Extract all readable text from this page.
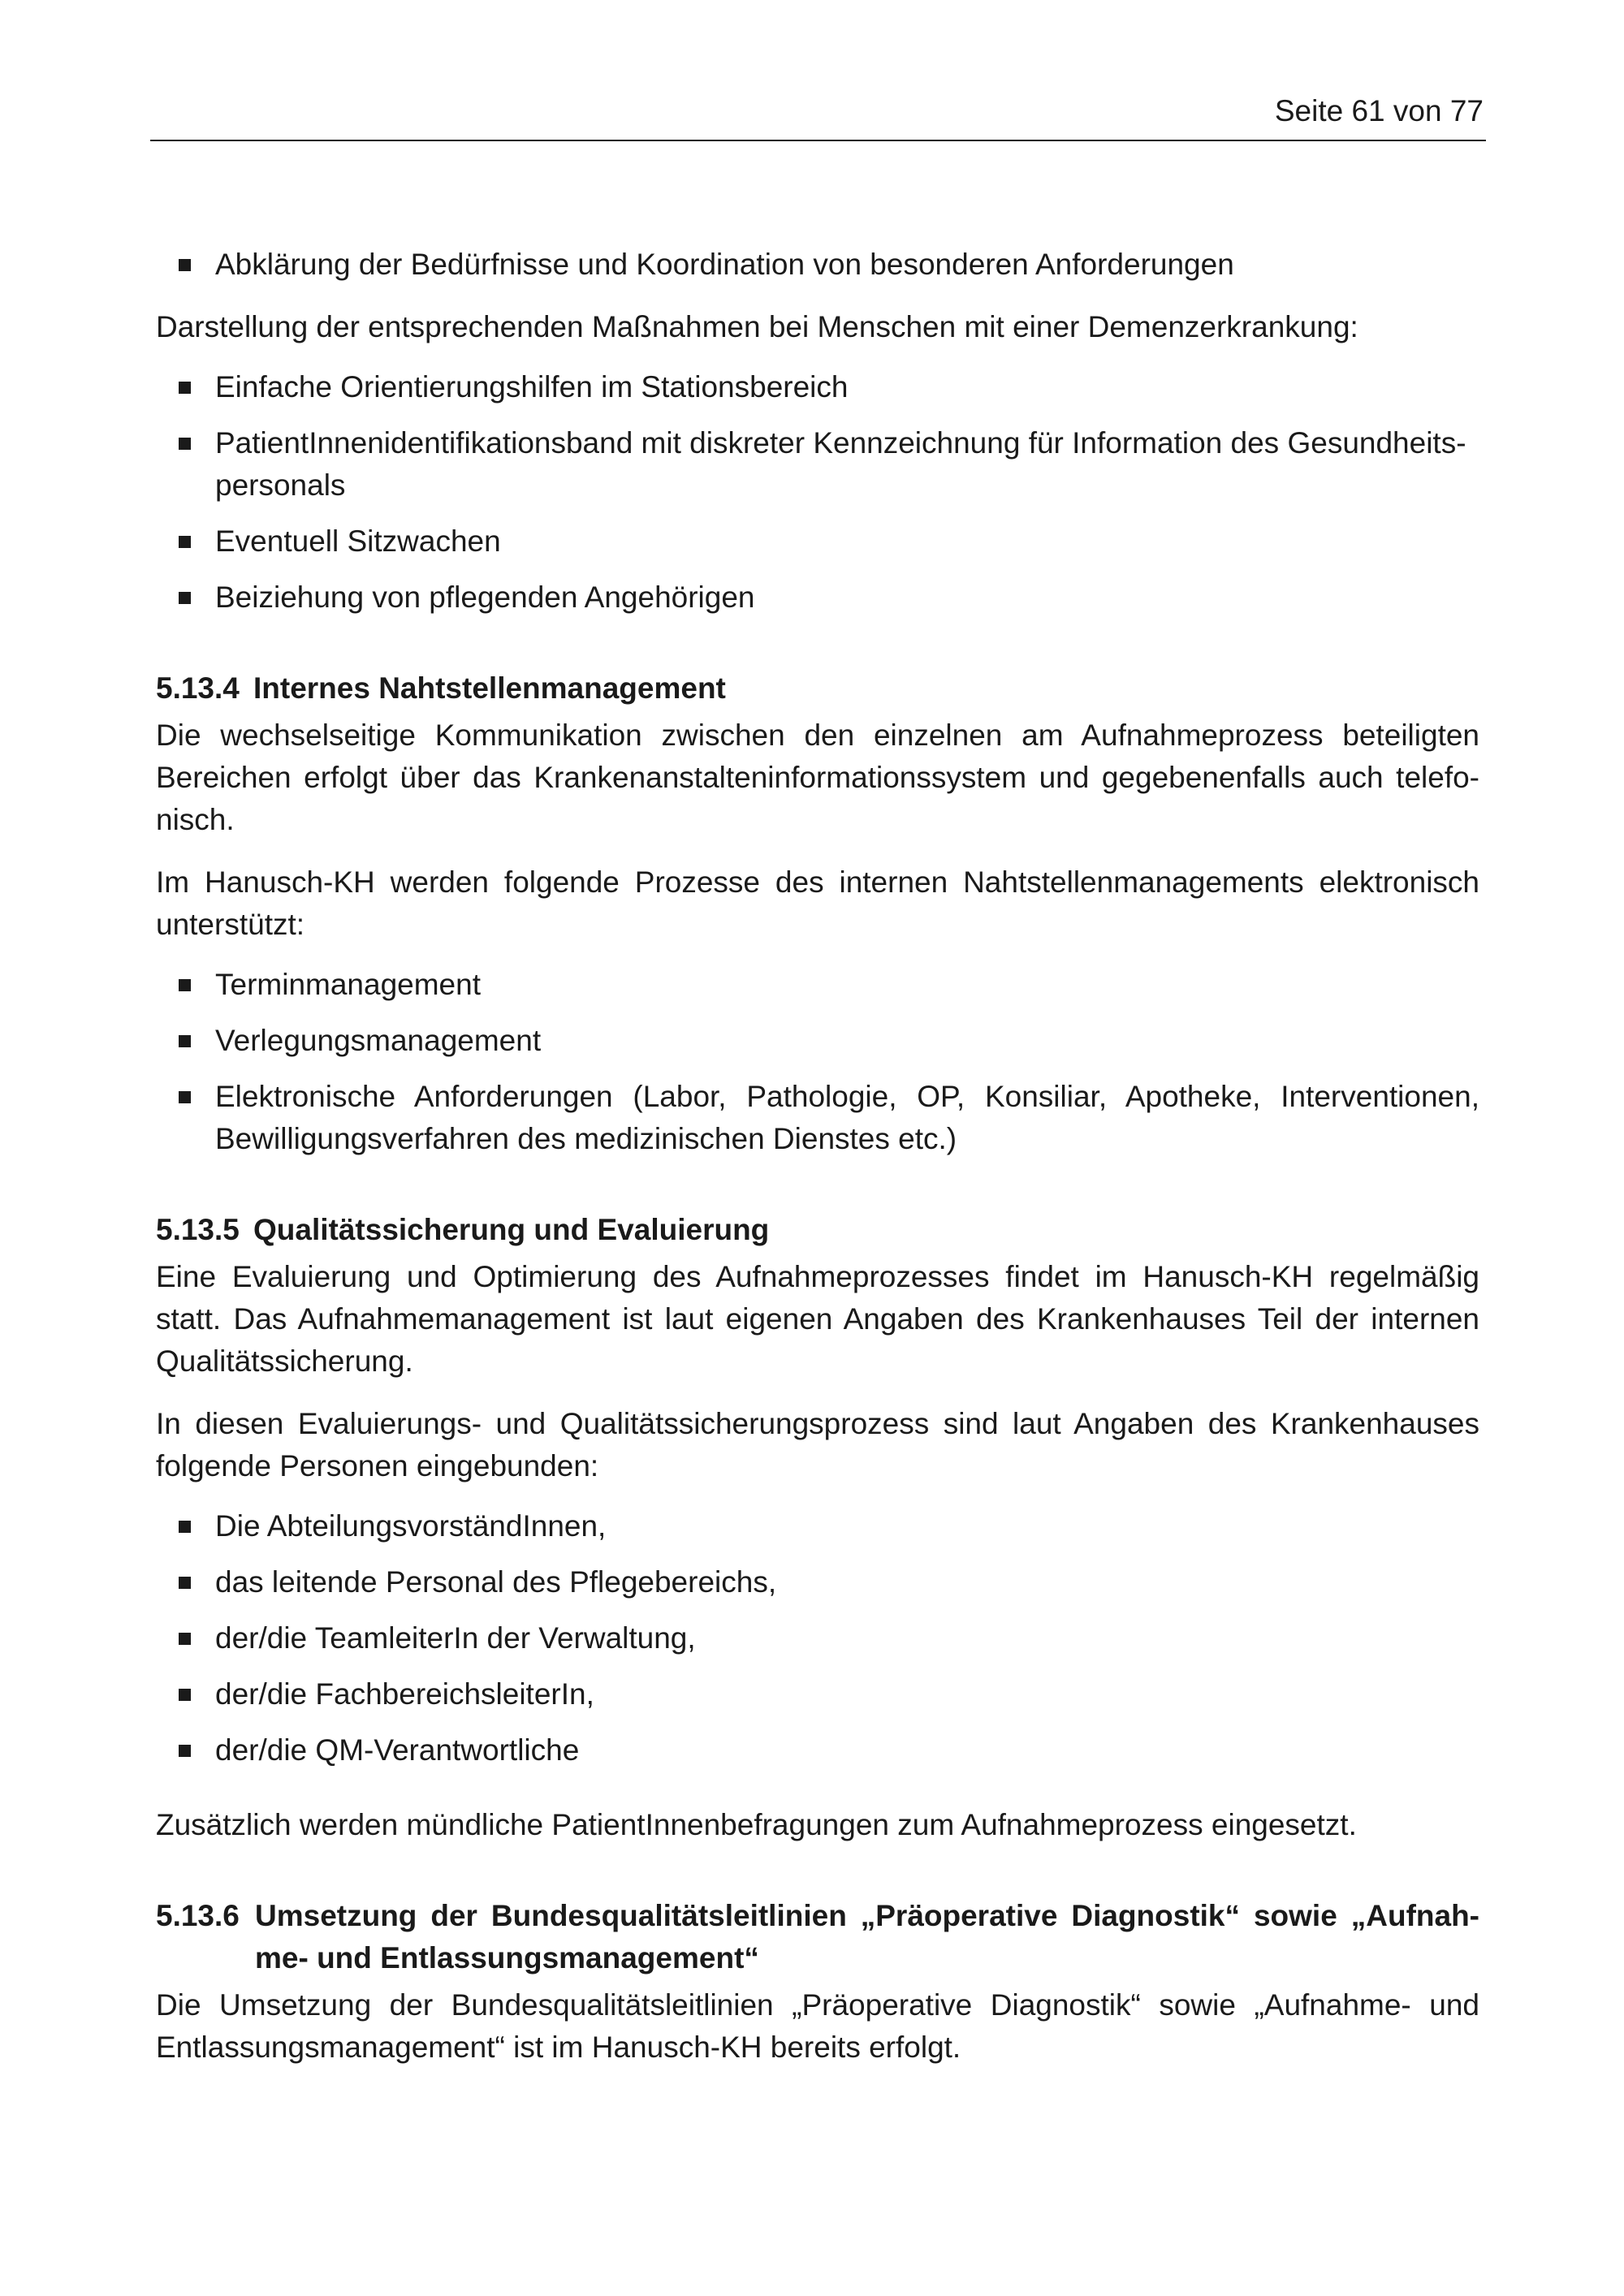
Seite 61 von 77
Abklärung der Bedürfnisse und Koordination von besonderen Anforderungen

Darstellung der entsprechenden Maßnahmen bei Menschen mit einer Demenzerkrankung:

Einfache Orientierungshilfen im Stationsbereich
PatientInnenidentifikationsband mit diskreter Kennzeichnung für Information des Gesundheits-personals
Eventuell Sitzwachen
Beiziehung von pflegenden Angehörigen
5.13.4 Internes Nahtstellenmanagement

Die wechselseitige Kommunikation zwischen den einzelnen am Aufnahmeprozess beteiligten Bereichen erfolgt über das Krankenanstalteninformationssystem und gegebenenfalls auch telefo-nisch.

Im Hanusch-KH werden folgende Prozesse des internen Nahtstellenmanagements elektronisch unterstützt:

Terminmanagement
Verlegungsmanagement
Elektronische Anforderungen (Labor, Pathologie, OP, Konsiliar, Apotheke, Interventionen, Bewilligungsverfahren des medizinischen Dienstes etc.)
5.13.5 Qualitätssicherung und Evaluierung

Eine Evaluierung und Optimierung des Aufnahmeprozesses findet im Hanusch-KH regelmäßig statt. Das Aufnahmemanagement ist laut eigenen Angaben des Krankenhauses Teil der internen Qualitätssicherung.

In diesen Evaluierungs- und Qualitätssicherungsprozess sind laut Angaben des Krankenhauses folgende Personen eingebunden:

Die AbteilungsvorständInnen,
das leitende Personal des Pflegebereichs,
der/die TeamleiterIn der Verwaltung,
der/die FachbereichsleiterIn,
der/die QM-Verantwortliche

Zusätzlich werden mündliche PatientInnenbefragungen zum Aufnahmeprozess eingesetzt.

5.13.6 Umsetzung der Bundesqualitätsleitlinien „Präoperative Diagnostik“ sowie „Aufnah-me- und Entlassungsmanagement“

Die Umsetzung der Bundesqualitätsleitlinien „Präoperative Diagnostik“ sowie „Aufnahme- und Entlassungsmanagement“ ist im Hanusch-KH bereits erfolgt.
